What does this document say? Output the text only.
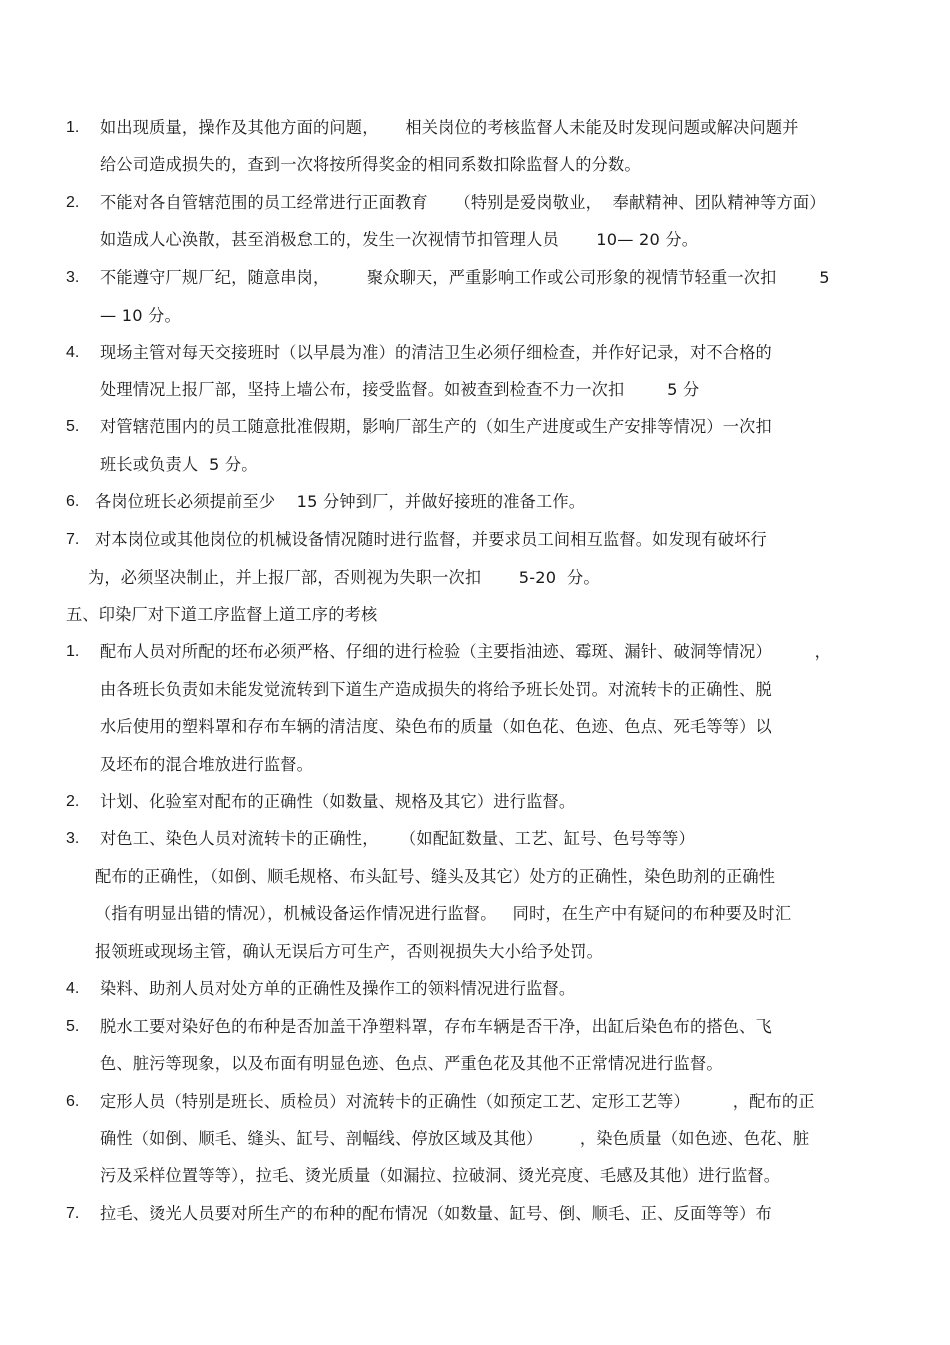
1. 如出现质量，操作及其他方面的问题，     相关岗位的考核监督人未能及时发现问题或解决问题并
给公司造成损失的，查到一次将按所得奖金的相同系数扣除监督人的分数。
2. 不能对各自管辖范围的员工经常进行正面教育     （特别是爱岗敬业，  奉献精神、团队精神等方面）
如造成人心涣散，甚至消极怠工的，发生一次视情节扣管理人员       10— 20 分。
3. 不能遵守厂规厂纪，随意串岗，       聚众聊天，严重影响工作或公司形象的视情节轻重一次扣        5
— 10 分。
4. 现场主管对每天交接班时（以早晨为准）的清洁卫生必须仔细检查，并作好记录，对不合格的
处理情况上报厂部，坚持上墙公布，接受监督。如被查到检查不力一次扣        5 分
5. 对管辖范围内的员工随意批准假期，影响厂部生产的（如生产进度或生产安排等情况）一次扣
班长或负责人  5 分。
6. 各岗位班长必须提前至少    15 分钟到厂，并做好接班的准备工作。
7. 对本岗位或其他岗位的机械设备情况随时进行监督，并要求员工间相互监督。如发现有破坏行
为，必须坚决制止，并上报厂部，否则视为失职一次扣       5-20  分。
五、印染厂对下道工序监督上道工序的考核
1. 配布人员对所配的坯布必须严格、仔细的进行检验（主要指油迹、霉斑、漏针、破洞等情况）        ，
由各班长负责如未能发觉流转到下道生产造成损失的将给予班长处罚。对流转卡的正确性、脱
水后使用的塑料罩和存布车辆的清洁度、染色布的质量（如色花、色迹、色点、死毛等等）以
及坯布的混合堆放进行监督。
2. 计划、化验室对配布的正确性（如数量、规格及其它）进行监督。
3. 对色工、染色人员对流转卡的正确性，    （如配缸数量、工艺、缸号、色号等等）
配布的正确性，（如倒、顺毛规格、布头缸号、缝头及其它）处方的正确性，染色助剂的正确性
（指有明显出错的情况），机械设备运作情况进行监督。   同时，在生产中有疑问的布种要及时汇
报领班或现场主管，确认无误后方可生产，否则视损失大小给予处罚。
4. 染料、助剂人员对处方单的正确性及操作工的领料情况进行监督。
5. 脱水工要对染好色的布种是否加盖干净塑料罩，存布车辆是否干净，出缸后染色布的搭色、飞
色、脏污等现象，以及布面有明显色迹、色点、严重色花及其他不正常情况进行监督。
6. 定形人员（特别是班长、质检员）对流转卡的正确性（如预定工艺、定形工艺等）        ，配布的正
确性（如倒、顺毛、缝头、缸号、剖幅线、停放区域及其他）       ，染色质量（如色迹、色花、脏
污及采样位置等等），拉毛、烫光质量（如漏拉、拉破洞、烫光亮度、毛感及其他）进行监督。
7. 拉毛、烫光人员要对所生产的布种的配布情况（如数量、缸号、倒、顺毛、正、反面等等）布
